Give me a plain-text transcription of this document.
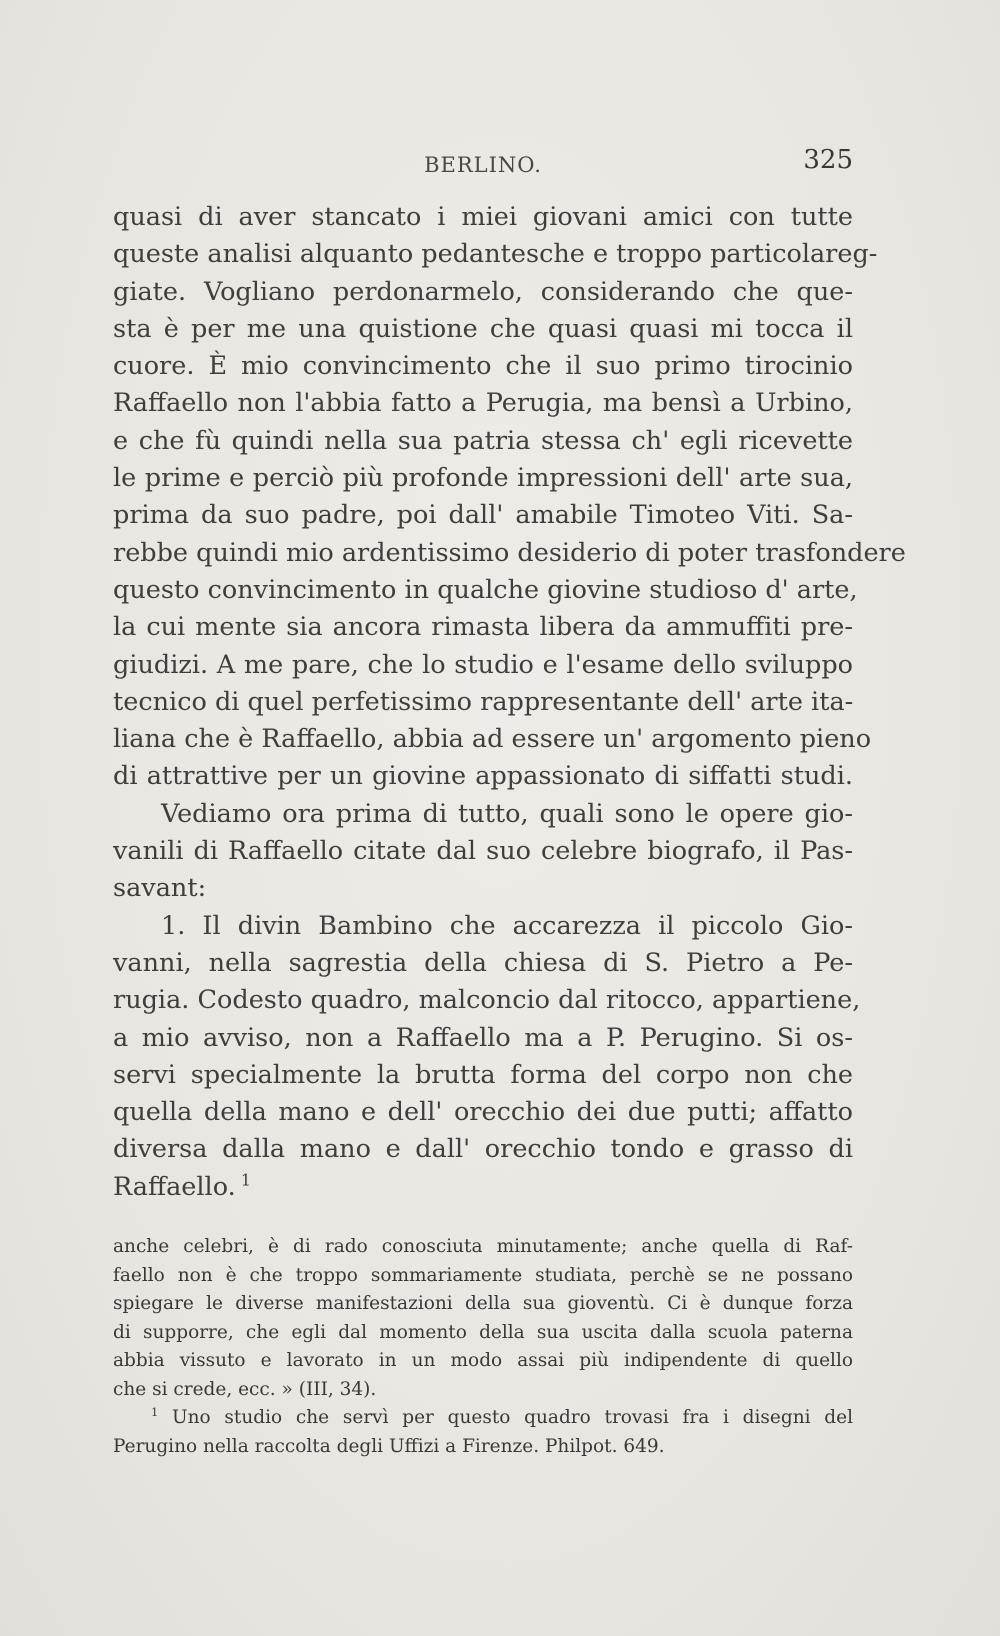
BERLINO.	325
quasi di aver stancato i miei giovani amici con tutte
queste analisi alquanto pedantesche e troppo particolareg-
giate. Vogliano perdonarmelo, considerando che que-
sta è per me una quistione che quasi quasi mi tocca il
cuore. È mio convincimento che il suo primo tirocinio
Raffaello non l'abbia fatto a Perugia, ma bensì a Urbino,
e che fù quindi nella sua patria stessa ch' egli ricevette
le prime e perciò più profonde impressioni dell' arte sua,
prima da suo padre, poi dall' amabile Timoteo Viti. Sa-
rebbe quindi mio ardentissimo desiderio di poter trasfondere
questo convincimento in qualche giovine studioso d' arte,
la cui mente sia ancora rimasta libera da ammuffiti pre-
giudizi. A me pare, che lo studio e l'esame dello sviluppo
tecnico di quel perfetissimo rappresentante dell' arte ita-
liana che è Raffaello, abbia ad essere un' argomento pieno
di attrattive per un giovine appassionato di siffatti studi.
Vediamo ora prima di tutto, quali sono le opere gio-
vanili di Raffaello citate dal suo celebre biografo, il Pas-
savant:
1. Il divin Bambino che accarezza il piccolo Gio-
vanni, nella sagrestia della chiesa di S. Pietro a Pe-
rugia. Codesto quadro, malconcio dal ritocco, appartiene,
a mio avviso, non a Raffaello ma a P. Perugino. Si os-
servi specialmente la brutta forma del corpo non che
quella della mano e dell' orecchio dei due putti; affatto
diversa dalla mano e dall' orecchio tondo e grasso di
Raffaello.  $^1$
anche celebri, è di rado conosciuta minutamente; anche quella di Raf-
faello non è che troppo sommariamente studiata, perchè se ne possano
spiegare le diverse manifestazioni della sua gioventù. Ci è dunque forza
di supporre, che egli dal momento della sua uscita dalla scuola paterna
abbia vissuto e lavorato in un modo assai più indipendente di quello
che si crede, ecc. » (III, 34).
$^1$ Uno studio che servì per questo quadro trovasi fra i disegni del
Perugino nella raccolta degli Uffizi a Firenze. Philpot. 649.
